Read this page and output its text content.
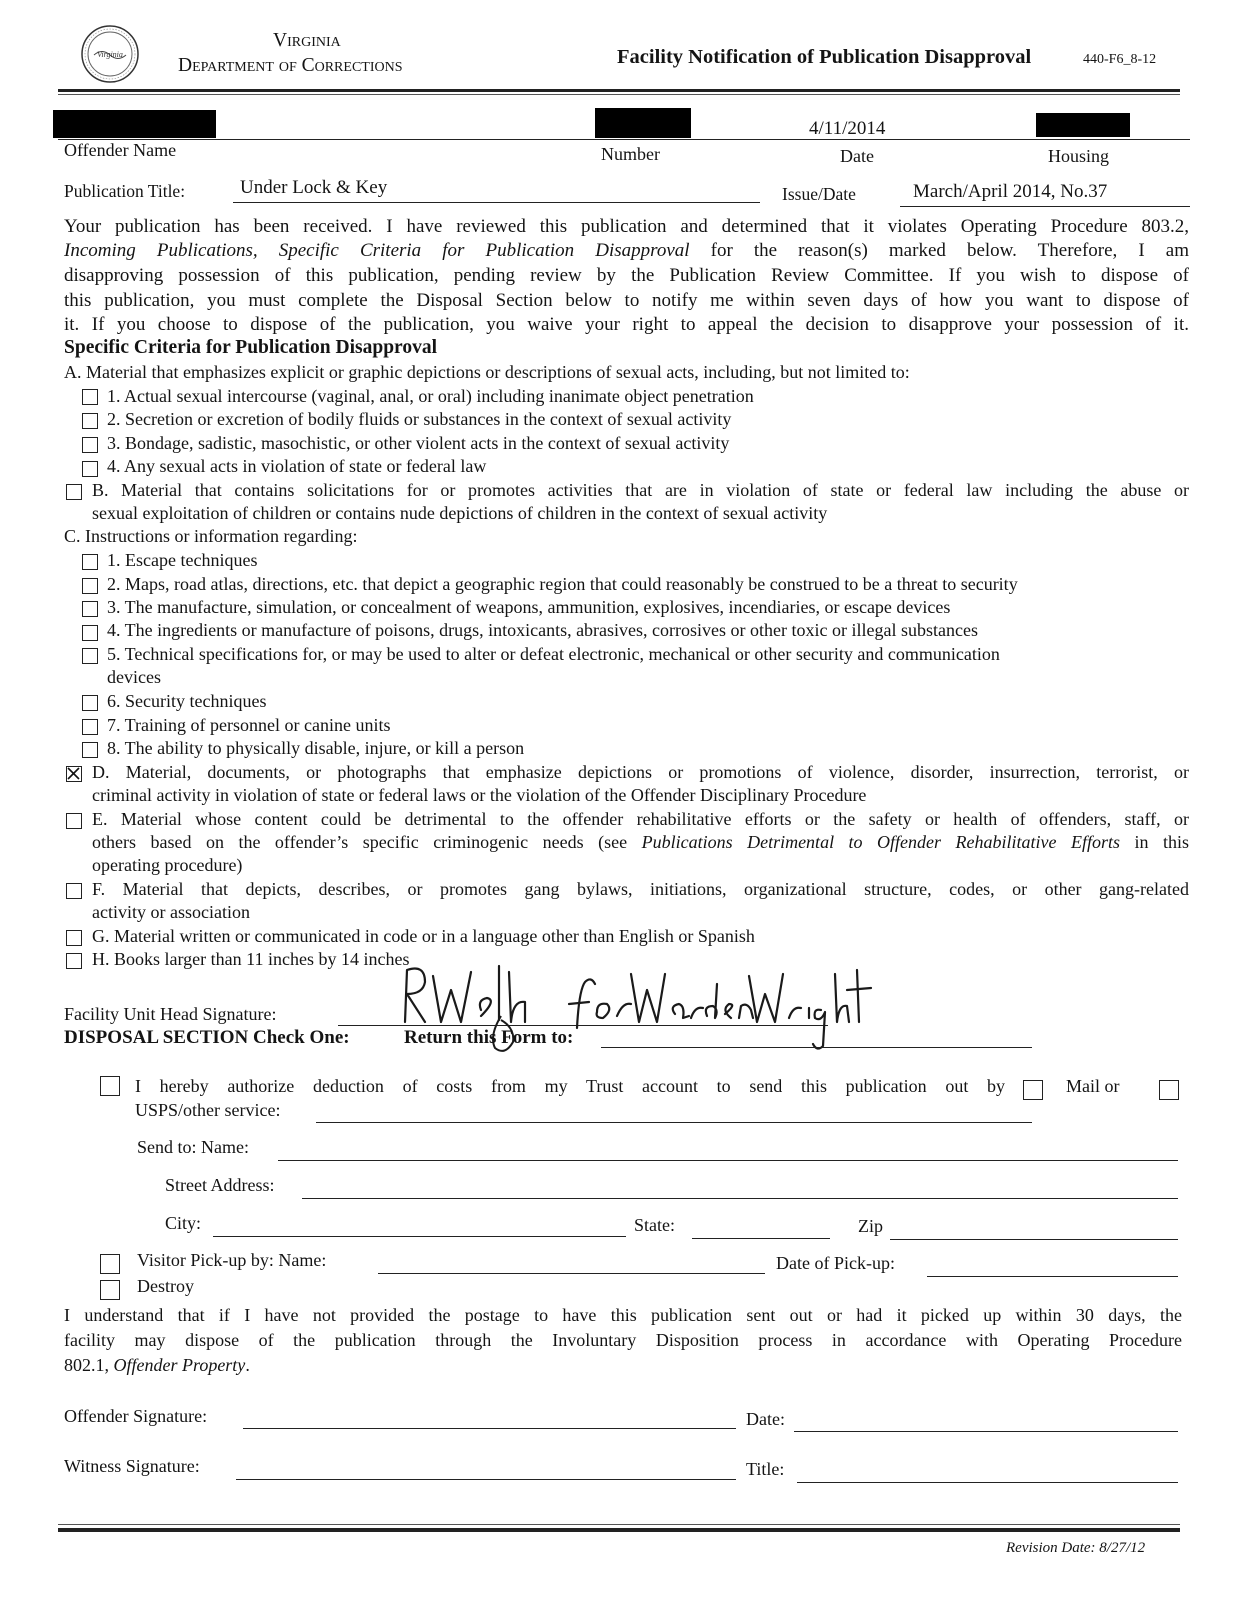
Virginia
Virginia
Department of Corrections	Facility Notification of Publication Disapproval	440-F6_8-12
4/11/2014
Offender Name	Number	Date	Housing
Publication Title:	Under Lock & Key	Issue/Date	March/April 2014, No.37
Your publication has been received. I have reviewed this publication and determined that it violates Operating Procedure 803.2,
Incoming Publications, Specific Criteria for Publication Disapproval for the reason(s) marked below. Therefore, I am
disapproving possession of this publication, pending review by the Publication Review Committee. If you wish to dispose of
this publication, you must complete the Disposal Section below to notify me within seven days of how you want to dispose of
it. If you choose to dispose of the publication, you waive your right to appeal the decision to disapprove your possession of it.
Specific Criteria for Publication Disapproval
A. Material that emphasizes explicit or graphic depictions or descriptions of sexual acts, including, but not limited to:
1. Actual sexual intercourse (vaginal, anal, or oral) including inanimate object penetration
2. Secretion or excretion of bodily fluids or substances in the context of sexual activity
3. Bondage, sadistic, masochistic, or other violent acts in the context of sexual activity
4. Any sexual acts in violation of state or federal law
B. Material that contains solicitations for or promotes activities that are in violation of state or federal law including the abuse or
sexual exploitation of children or contains nude depictions of children in the context of sexual activity
C. Instructions or information regarding:
1. Escape techniques
2. Maps, road atlas, directions, etc. that depict a geographic region that could reasonably be construed to be a threat to security
3. The manufacture, simulation, or concealment of weapons, ammunition, explosives, incendiaries, or escape devices
4. The ingredients or manufacture of poisons, drugs, intoxicants, abrasives, corrosives or other toxic or illegal substances
5. Technical specifications for, or may be used to alter or defeat electronic, mechanical or other security and communication
devices
6. Security techniques
7. Training of personnel or canine units
8. The ability to physically disable, injure, or kill a person
D. Material, documents, or photographs that emphasize depictions or promotions of violence, disorder, insurrection, terrorist, or
criminal activity in violation of state or federal laws or the violation of the Offender Disciplinary Procedure
E. Material whose content could be detrimental to the offender rehabilitative efforts or the safety or health of offenders, staff, or
others based on the offender’s specific criminogenic needs (see Publications Detrimental to Offender Rehabilitative Efforts in this
operating procedure)
F. Material that depicts, describes, or promotes gang bylaws, initiations, organizational structure, codes, or other gang-related
activity or association
G. Material written or communicated in code or in a language other than English or Spanish
H. Books larger than 11 inches by 14 inches
Facility Unit Head Signature:
DISPOSAL SECTION Check One:	Return this Form to:
I hereby authorize deduction of costs from my Trust account to send this publication out by	Mail or
USPS/other service:
Send to: Name:
Street Address:
City:	State:	Zip
Visitor Pick-up by: Name:	Date of Pick-up:
Destroy
I understand that if I have not provided the postage to have this publication sent out or had it picked up within 30 days, the
facility may dispose of the publication through the Involuntary Disposition process in accordance with Operating Procedure
802.1, Offender Property.
Offender Signature:	Date:
Witness Signature:	Title:
Revision Date: 8/27/12
